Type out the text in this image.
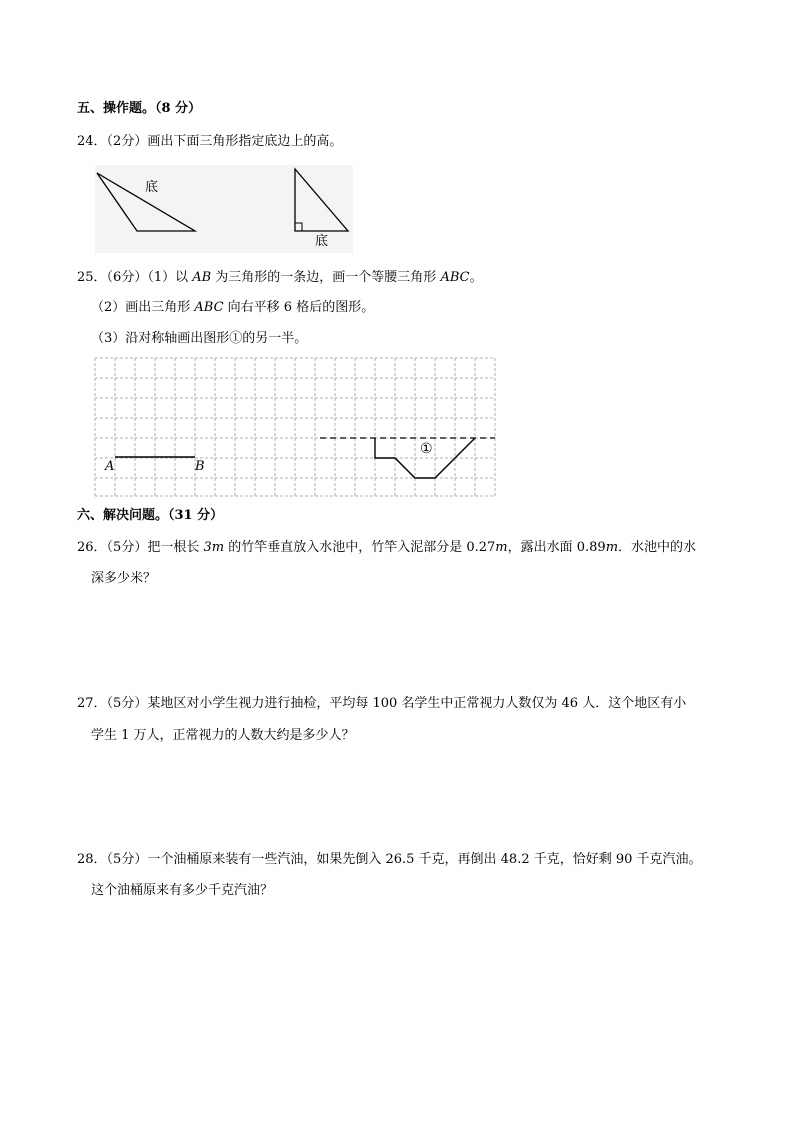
五、操作题。（8 分）
24．（2分）画出下面三角形指定底边上的高。
底
底
25．（6分）（1）以 AB 为三角形的一条边，画一个等腰三角形 ABC。
（2）画出三角形 ABC 向右平移 6 格后的图形。
（3）沿对称轴画出图形①的另一半。
A	B
①
六、解决问题。（31 分）
26．（5分）把一根长 3m 的竹竿垂直放入水池中，竹竿入泥部分是 0.27m，露出水面 0.89m．水池中的水
深多少米？
27．（5分）某地区对小学生视力进行抽检，平均每 100 名学生中正常视力人数仅为 46 人．这个地区有小
学生 1 万人，正常视力的人数大约是多少人？
28．（5分）一个油桶原来装有一些汽油，如果先倒入 26.5 千克，再倒出 48.2 千克，恰好剩 90 千克汽油。
这个油桶原来有多少千克汽油？
